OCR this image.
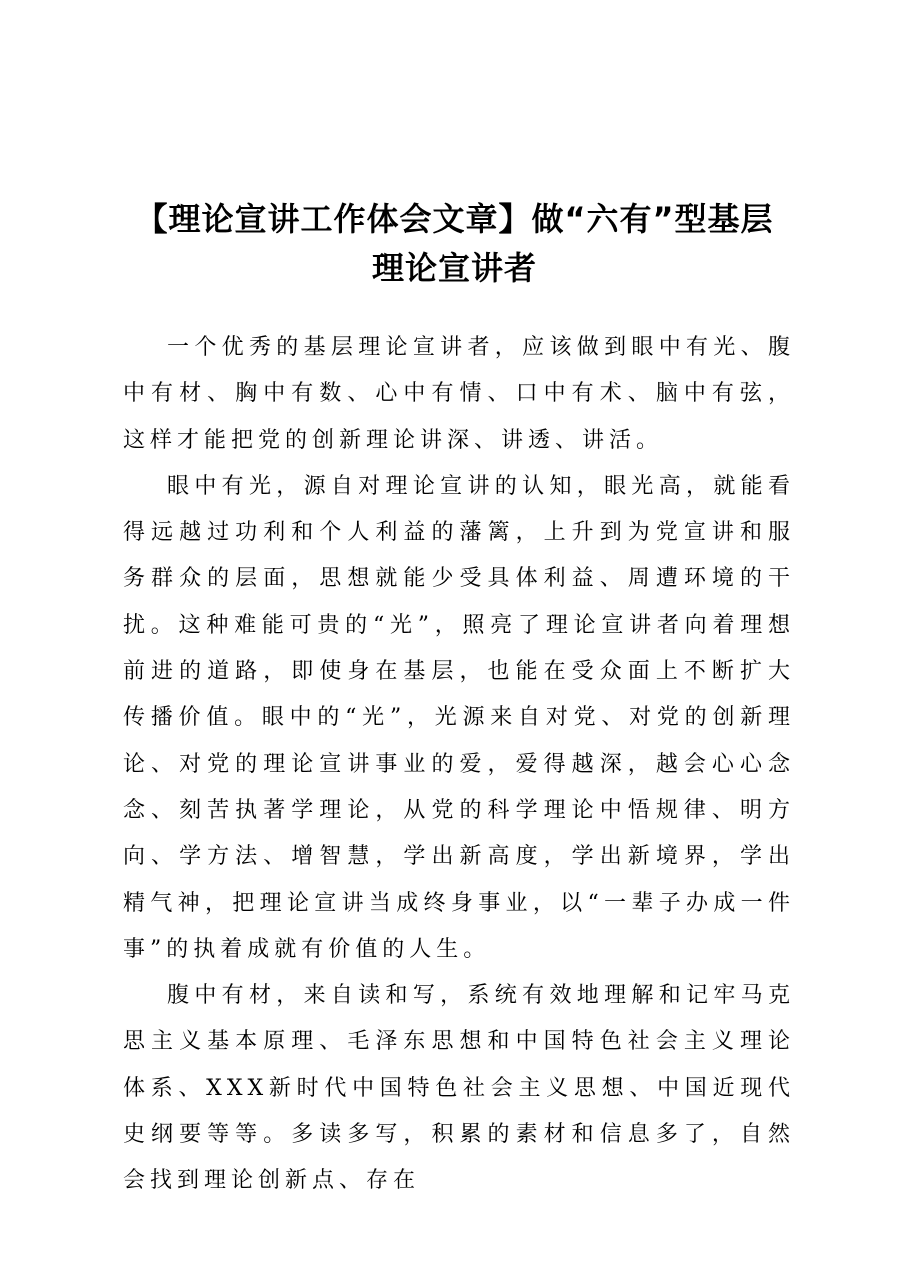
【理论宣讲工作体会文章】做“六有”型基层
理论宣讲者

一个优秀的基层理论宣讲者，应该做到眼中有光、腹中有材、胸中有数、心中有情、口中有术、脑中有弦，这样才能把党的创新理论讲深、讲透、讲活。

眼中有光，源自对理论宣讲的认知，眼光高，就能看得远越过功利和个人利益的藩篱，上升到为党宣讲和服务群众的层面，思想就能少受具体利益、周遭环境的干扰。这种难能可贵的“光”，照亮了理论宣讲者向着理想前进的道路，即使身在基层，也能在受众面上不断扩大传播价值。眼中的“光”，光源来自对党、对党的创新理论、对党的理论宣讲事业的爱，爱得越深，越会心心念念、刻苦执著学理论，从党的科学理论中悟规律、明方向、学方法、增智慧，学出新高度，学出新境界，学出精气神，把理论宣讲当成终身事业，以“一辈子办成一件事”的执着成就有价值的人生。

腹中有材，来自读和写，系统有效地理解和记牢马克思主义基本原理、毛泽东思想和中国特色社会主义理论体系、XXX新时代中国特色社会主义思想、中国近现代史纲要等等。多读多写，积累的素材和信息多了，自然会找到理论创新点、存在
